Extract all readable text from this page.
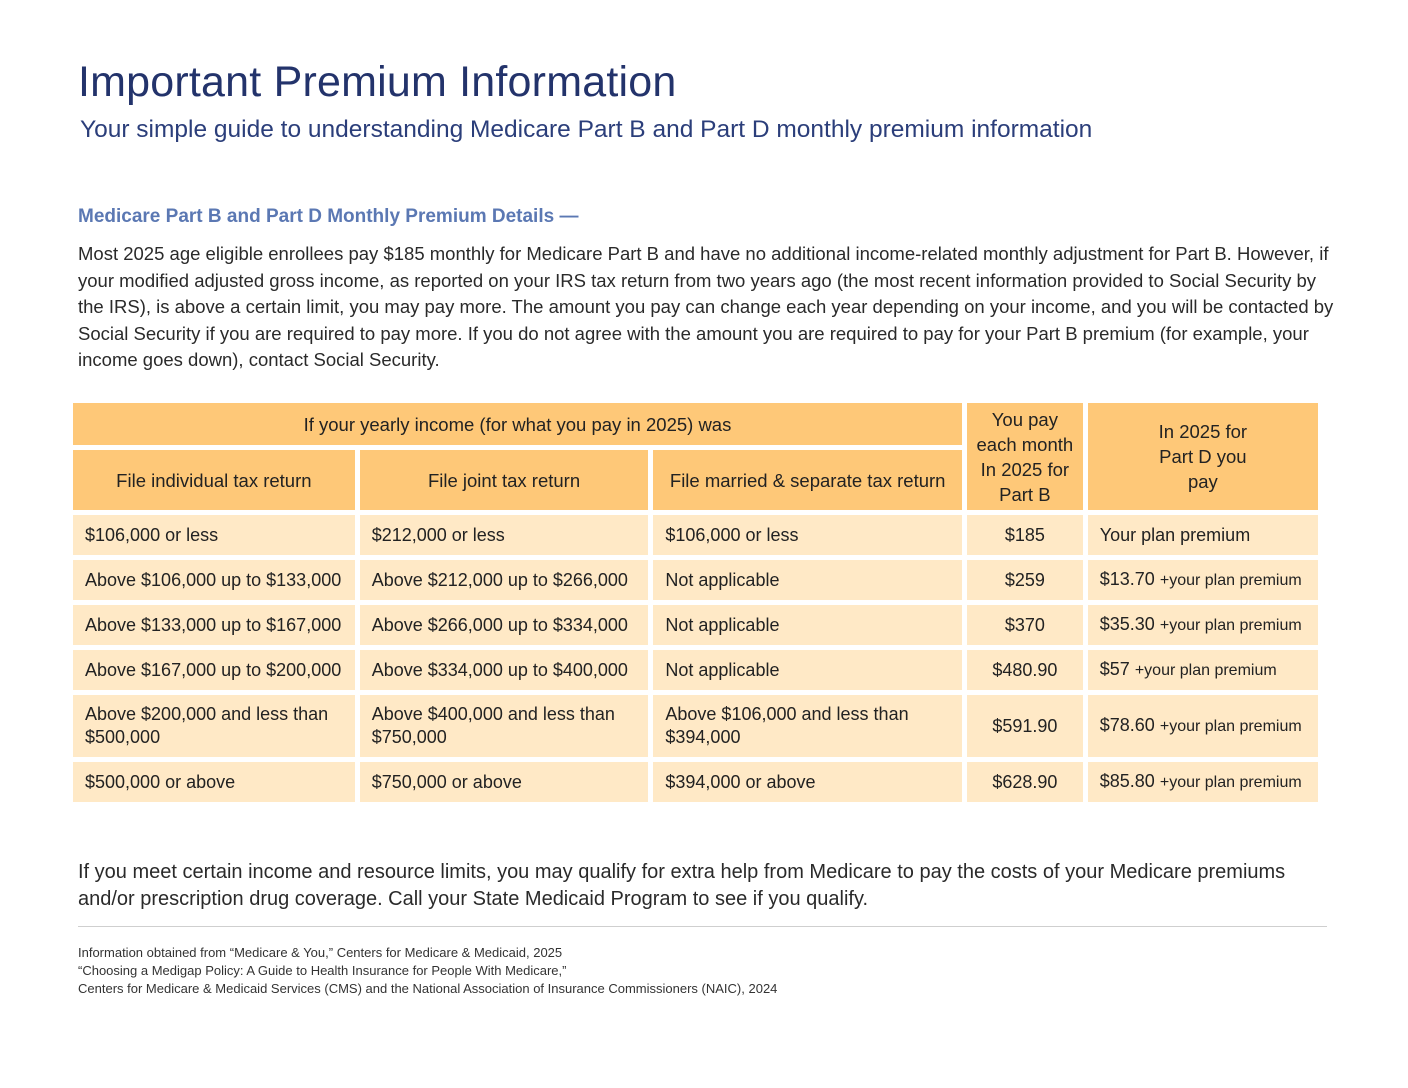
Important Premium Information
Your simple guide to understanding Medicare Part B and Part D monthly premium information
Medicare Part B and Part D Monthly Premium Details —

Most 2025 age eligible enrollees pay $185 monthly for Medicare Part B and have no additional income-related monthly adjustment for Part B. However, if your modified adjusted gross income, as reported on your IRS tax return from two years ago (the most recent information provided to Social Security by the IRS), is above a certain limit, you may pay more. The amount you pay can change each year depending on your income, and you will be contacted by Social Security if you are required to pay more. If you do not agree with the amount you are required to pay for your Part B premium (for example, your income goes down), contact Social Security.

If your yearly income (for what you pay in 2025) was			You pay each month In 2025 for Part B	In 2025 for Part D you pay
File individual tax return	File joint tax return	File married & separate tax return		
$106,000 or less	$212,000 or less	$106,000 or less	$185	Your plan premium
Above $106,000 up to $133,000	Above $212,000 up to $266,000	Not applicable	$259	$13.70 +your plan premium
Above $133,000 up to $167,000	Above $266,000 up to $334,000	Not applicable	$370	$35.30 +your plan premium
Above $167,000 up to $200,000	Above $334,000 up to $400,000	Not applicable	$480.90	$57 +your plan premium
Above $200,000 and less than $500,000	Above $400,000 and less than $750,000	Above $106,000 and less than $394,000	$591.90	$78.60 +your plan premium
$500,000 or above	$750,000 or above	$394,000 or above	$628.90	$85.80 +your plan premium

If you meet certain income and resource limits, you may qualify for extra help from Medicare to pay the costs of your Medicare premiums and/or prescription drug coverage. Call your State Medicaid Program to see if you qualify.

Information obtained from “Medicare & You,” Centers for Medicare & Medicaid, 2025
“Choosing a Medigap Policy: A Guide to Health Insurance for People With Medicare,”
Centers for Medicare & Medicaid Services (CMS) and the National Association of Insurance Commissioners (NAIC), 2024
